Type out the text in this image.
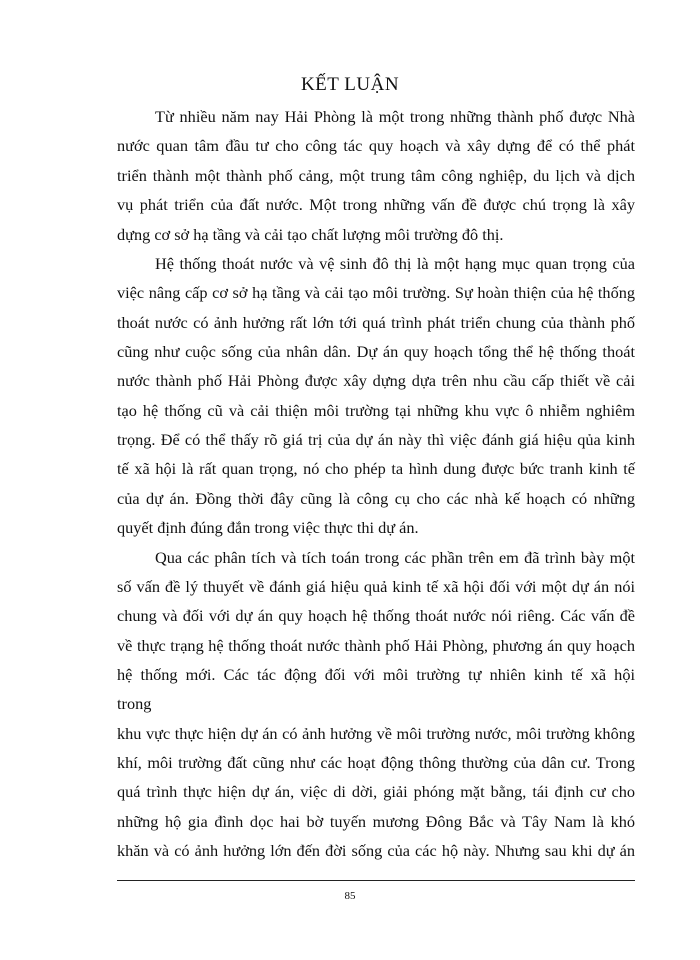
KẾT LUẬN
Từ nhiều năm nay Hải Phòng là một trong những thành phố được Nhà
nước quan tâm đầu tư cho công tác quy hoạch và xây dựng để có thể phát
triển thành một thành phố cảng, một trung tâm công nghiệp, du lịch và dịch
vụ phát triển của đất nước. Một trong những vấn đề được chú trọng là xây
dựng cơ sở hạ tầng và cải tạo chất lượng môi trường đô thị.
Hệ thống thoát nước và vệ sinh đô thị là một hạng mục quan trọng của
việc nâng cấp cơ sở hạ tầng và cải tạo môi trường. Sự hoàn thiện của hệ thống
thoát nước có ảnh hưởng rất lớn tới quá trình phát triển chung của thành phố
cũng như cuộc sống của nhân dân. Dự án quy hoạch tổng thể hệ thống thoát
nước thành phố Hải Phòng được xây dựng dựa trên nhu cầu cấp thiết về cải
tạo hệ thống cũ và cải thiện môi trường tại những khu vực ô nhiễm nghiêm
trọng. Để có thể thấy rõ giá trị của dự án này thì việc đánh giá hiệu qủa kinh
tế xã hội là rất quan trọng, nó cho phép ta hình dung được bức tranh kinh tế
của dự án. Đồng thời đây cũng là công cụ cho các nhà kế hoạch có những
quyết định đúng đắn trong việc thực thi dự án.
Qua các phân tích và tích toán trong các phần trên em đã trình bày một
số vấn đề lý thuyết về đánh giá hiệu quả kinh tế xã hội đối với một dự án nói
chung và đối với dự án quy hoạch hệ thống thoát nước nói riêng. Các vấn đề
về thực trạng hệ thống thoát nước thành phố Hải Phòng, phương án quy hoạch
hệ thống mới. Các tác động đối với môi trường tự nhiên kinh tế xã hội
trong
khu vực thực hiện dự án có ảnh hưởng về môi trường nước, môi trường không
khí, môi trường đất cũng như các hoạt động thông thường của dân cư. Trong
quá trình thực hiện dự án, việc di dời, giải phóng mặt bằng, tái định cư cho
những hộ gia đình dọc hai bờ tuyến mương Đông Bắc và Tây Nam là khó
khăn và có ảnh hưởng lớn đến đời sống của các hộ này. Nhưng sau khi dự án
85
